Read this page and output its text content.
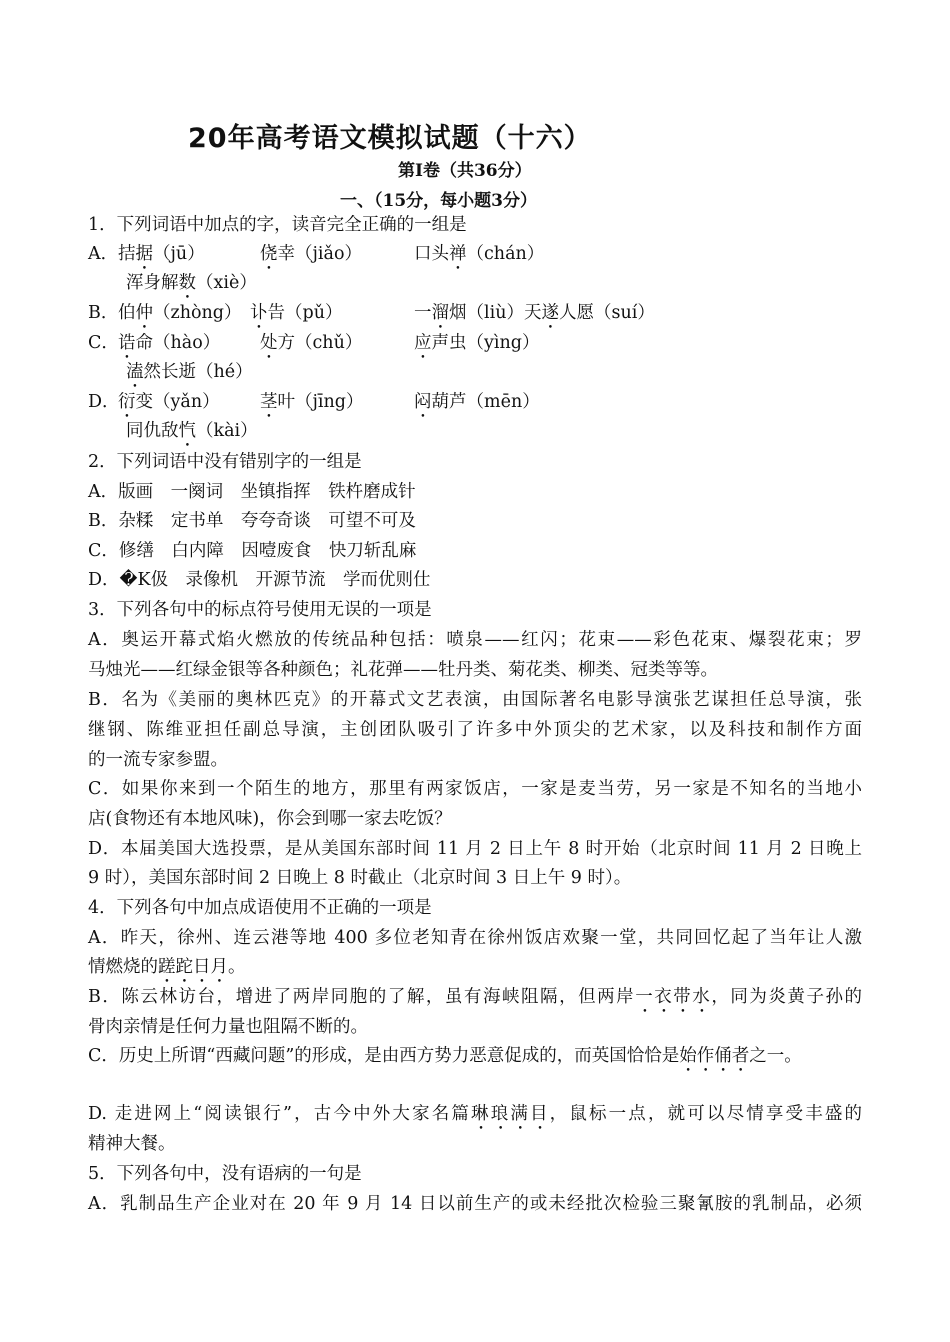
20年高考语文模拟试题（十六）
第Ⅰ卷（共36分）
一、（15分，每小题3分）
1．下列词语中加点的字，读音完全正确的一组是
A． 拮据（jū）	侥幸（jiǎo）	口头禅（chán）
浑身解数（xiè）
B． 伯仲（zhòng） 讣告（pǔ）	一溜烟（liù）天遂人愿（suí）
C． 诰命（hào） 处方（chǔ）	应声虫（yìng）
溘然长逝（hé）
D．
衍变（yǎn） 茎叶（jīng）	闷葫芦（mēn）
同仇敌忾（kài）
2．下列词语中没有错别字的一组是
A．版画　一阕词　坐镇指挥　铁杵磨成针
B．杂糅　定书单　夸夸奇谈　可望不可及
C．修缮　白内障　因噎废食　快刀斩乱麻
D．�K伋　录像机　开源节流　学而优则仕
3．下列各句中的标点符号使用无误的一项是
A．奥运开幕式焰火燃放的传统品种包括：喷泉——红闪；花束——彩色花束、爆裂花束；罗
马烛光——红绿金银等各种颜色；礼花弹——牡丹类、菊花类、柳类、冠类等等。
B．名为《美丽的奥林匹克》的开幕式文艺表演，由国际著名电影导演张艺谋担任总导演，张
继钢、陈维亚担任副总导演，主创团队吸引了许多中外顶尖的艺术家，以及科技和制作方面
的一流专家参盟。
C．如果你来到一个陌生的地方，那里有两家饭店，一家是麦当劳，另一家是不知名的当地小
店(食物还有本地风味)，你会到哪一家去吃饭？
D．本届美国大选投票，是从美国东部时间 11 月 2 日上午 8 时开始（北京时间 11 月 2 日晚上
9 时），美国东部时间 2 日晚上 8 时截止（北京时间 3 日上午 9 时）。
4．下列各句中加点成语使用不正确的一项是
A．昨天，徐州、连云港等地 400 多位老知青在徐州饭店欢聚一堂，共同回忆起了当年让人激
情燃烧的蹉跎日月。
B．陈云林访台，增进了两岸同胞的了解，虽有海峡阻隔，但两岸一衣带水，同为炎黄子孙的
骨肉亲情是任何力量也阻隔不断的。
C．历史上所谓“西藏问题”的形成，是由西方势力恶意促成的，而英国恰恰是始作俑者之一。
D. 走进网上“阅读银行”，古今中外大家名篇琳琅满目，鼠标一点，就可以尽情享受丰盛的
精神大餐。
5．下列各句中，没有语病的一句是
A．乳制品生产企业对在 20 年 9 月 14 日以前生产的或未经批次检验三聚氰胺的乳制品，必须
